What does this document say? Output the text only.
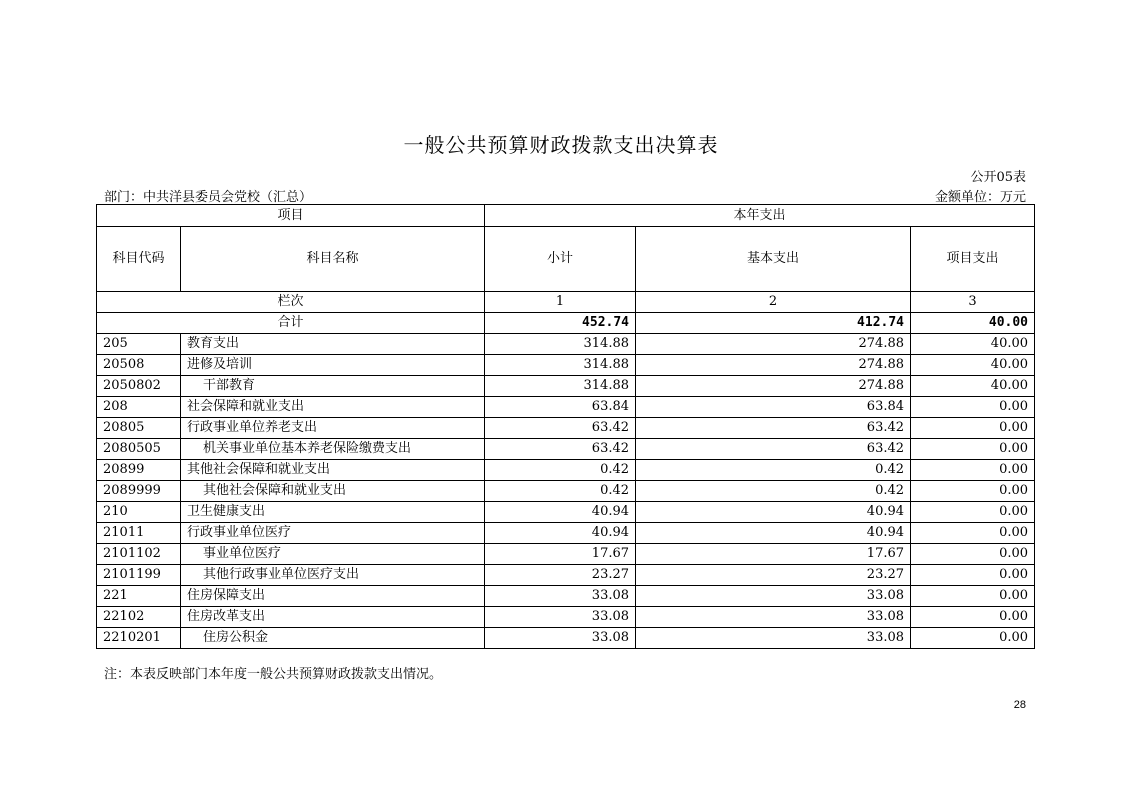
一般公共预算财政拨款支出决算表
公开05表
部门：中共洋县委员会党校（汇总）	金额单位：万元
项目		本年支出		
科目代码	科目名称	小计	基本支出	项目支出
栏次		1	2	3
合计		452.74	412.74	40.00
205	教育支出	314.88	274.88	40.00
20508	进修及培训	314.88	274.88	40.00
2050802	干部教育	314.88	274.88	40.00
208	社会保障和就业支出	63.84	63.84	0.00
20805	行政事业单位养老支出	63.42	63.42	0.00
2080505	机关事业单位基本养老保险缴费支出	63.42	63.42	0.00
20899	其他社会保障和就业支出	0.42	0.42	0.00
2089999	其他社会保障和就业支出	0.42	0.42	0.00
210	卫生健康支出	40.94	40.94	0.00
21011	行政事业单位医疗	40.94	40.94	0.00
2101102	事业单位医疗	17.67	17.67	0.00
2101199	其他行政事业单位医疗支出	23.27	23.27	0.00
221	住房保障支出	33.08	33.08	0.00
22102	住房改革支出	33.08	33.08	0.00
2210201	住房公积金	33.08	33.08	0.00
注：本表反映部门本年度一般公共预算财政拨款支出情况。
28
